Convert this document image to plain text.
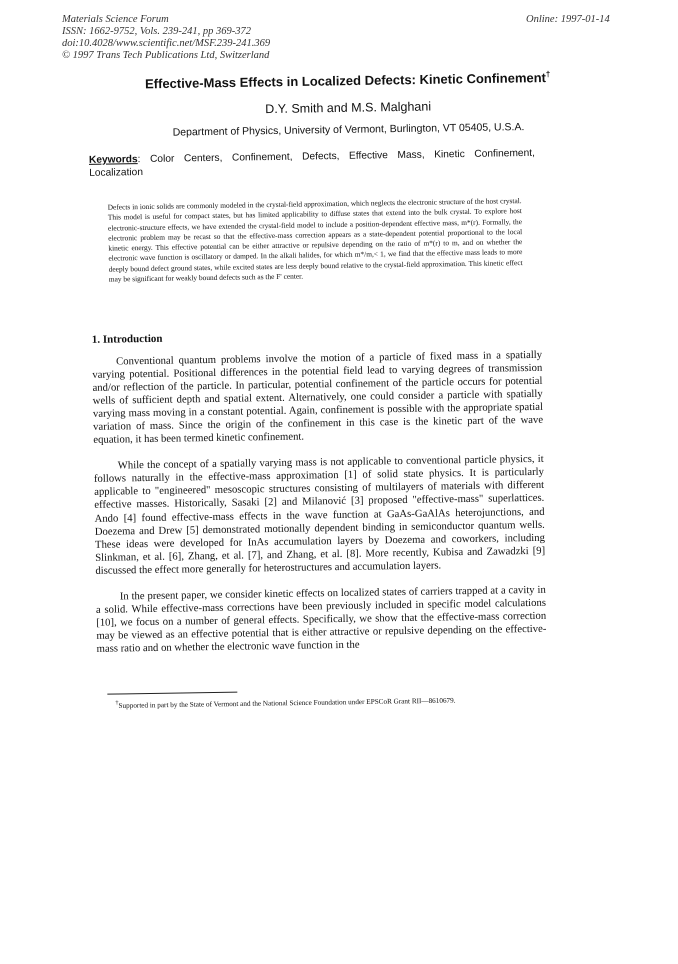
Materials Science Forum
ISSN: 1662-9752, Vols. 239-241, pp 369-372
doi:10.4028/www.scientific.net/MSF.239-241.369
© 1997 Trans Tech Publications Ltd, Switzerland
Online: 1997-01-14
Effective-Mass Effects in Localized Defects: Kinetic Confinement†
D.Y. Smith and M.S. Malghani
Department of Physics, University of Vermont, Burlington, VT 05405, U.S.A.
Keywords: Color Centers, Confinement, Defects, Effective Mass, Kinetic Confinement, Localization
Defects in ionic solids are commonly modeled in the crystal-field approximation, which neglects the electronic structure of the host crystal. This model is useful for compact states, but has limited applicability to diffuse states that extend into the bulk crystal. To explore host electronic-structure effects, we have extended the crystal-field model to include a position-dependent effective mass, m*(r). Formally, the electronic problem may be recast so that the effective-mass correction appears as a state-dependent potential proportional to the local kinetic energy. This effective potential can be either attractive or repulsive depending on the ratio of m*(r) to m, and on whether the electronic wave function is oscillatory or damped. In the alkali halides, for which m*/m,< 1, we find that the effective mass leads to more deeply bound defect ground states, while excited states are less deeply bound relative to the crystal-field approximation. This kinetic effect may be significant for weakly bound defects such as the F' center.
1. Introduction

Conventional quantum problems involve the motion of a particle of fixed mass in a spatially varying potential. Positional differences in the potential field lead to varying degrees of transmission and/or reflection of the particle. In particular, potential confinement of the particle occurs for potential wells of sufficient depth and spatial extent. Alternatively, one could consider a particle with spatially varying mass moving in a constant potential. Again, confinement is possible with the appropriate spatial variation of mass. Since the origin of the confinement in this case is the kinetic part of the wave equation, it has been termed kinetic confinement.

While the concept of a spatially varying mass is not applicable to conventional particle physics, it follows naturally in the effective-mass approximation [1] of solid state physics. It is particularly applicable to "engineered" mesoscopic structures consisting of multilayers of materials with different effective masses. Historically, Sasaki [2] and Milanović [3] proposed "effective-mass" superlattices. Ando [4] found effective-mass effects in the wave function at GaAs-GaAlAs heterojunctions, and Doezema and Drew [5] demonstrated motionally dependent binding in semiconductor quantum wells. These ideas were developed for InAs accumulation layers by Doezema and coworkers, including Slinkman, et al. [6], Zhang, et al. [7], and Zhang, et al. [8]. More recently, Kubisa and Zawadzki [9] discussed the effect more generally for heterostructures and accumulation layers.

In the present paper, we consider kinetic effects on localized states of carriers trapped at a cavity in a solid. While effective-mass corrections have been previously included in specific model calculations [10], we focus on a number of general effects. Specifically, we show that the effective-mass correction may be viewed as an effective potential that is either attractive or repulsive depending on the effective-mass ratio and on whether the electronic wave function in the

†Supported in part by the State of Vermont and the National Science Foundation under EPSCoR Grant RII—8610679.
